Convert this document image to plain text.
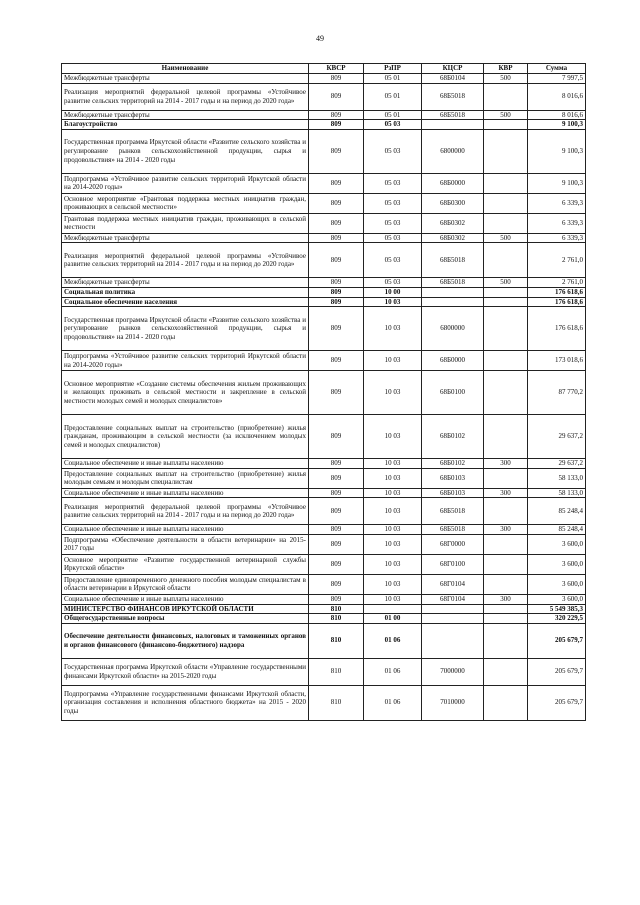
49
Наименование	КВСР	РзПР	КЦСР	КВР	Сумма
Межбюджетные трансферты	809	05 01	68Б0104	500	7 997,5
Реализация мероприятий федеральной целевой программы «Устойчивое развитие сельских территорий на 2014 - 2017 годы и на период до 2020 года»	809	05 01	68Б5018		8 016,6
Межбюджетные трансферты	809	05 01	68Б5018	500	8 016,6
Благоустройство	809	05 03			9 100,3
Государственная программа Иркутской области «Развитие сельского хозяйства и регулирование рынков сельскохозяйственной продукции, сырья и продовольствия» на 2014 - 2020 годы	809	05 03	6800000		9 100,3
Подпрограмма «Устойчивое развитие сельских территорий Иркутской области на 2014-2020 годы»	809	05 03	68Б0000		9 100,3
Основное мероприятие «Грантовая поддержка местных инициатив граждан, проживающих в сельской местности»	809	05 03	68Б0300		6 339,3
Грантовая поддержка местных инициатив граждан, проживающих в сельской местности	809	05 03	68Б0302		6 339,3
Межбюджетные трансферты	809	05 03	68Б0302	500	6 339,3
Реализация мероприятий федеральной целевой программы «Устойчивое развитие сельских территорий на 2014 - 2017 годы и на период до 2020 года»	809	05 03	68Б5018		2 761,0
Межбюджетные трансферты	809	05 03	68Б5018	500	2 761,0
Социальная политика	809	10 00			176 618,6
Социальное обеспечение населения	809	10 03			176 618,6
Государственная программа Иркутской области «Развитие сельского хозяйства и регулирование рынков сельскохозяйственной продукции, сырья и продовольствия» на 2014 - 2020 годы	809	10 03	6800000		176 618,6
Подпрограмма «Устойчивое развитие сельских территорий Иркутской области на 2014-2020 годы»	809	10 03	68Б0000		173 018,6
Основное мероприятие «Создание системы обеспечения жильем проживающих и желающих проживать в сельской местности и закрепление в сельской местности молодых семей и молодых специалистов»	809	10 03	68Б0100		87 770,2
Предоставление социальных выплат на строительство (приобретение) жилья гражданам, проживающим в сельской местности (за исключением молодых семей и молодых специалистов)	809	10 03	68Б0102		29 637,2
Социальное обеспечение и иные выплаты населению	809	10 03	68Б0102	300	29 637,2
Предоставление социальных выплат на строительство (приобретение) жилья молодым семьям и молодым специалистам	809	10 03	68Б0103		58 133,0
Социальное обеспечение и иные выплаты населению	809	10 03	68Б0103	300	58 133,0
Реализация мероприятий федеральной целевой программы «Устойчивое развитие сельских территорий на 2014 - 2017 годы и на период до 2020 года»	809	10 03	68Б5018		85 248,4
Социальное обеспечение и иные выплаты населению	809	10 03	68Б5018	300	85 248,4
Подпрограмма «Обеспечение деятельности в области ветеринарии» на 2015-2017 годы	809	10 03	68Г0000		3 600,0
Основное мероприятие «Развитие государственной ветеринарной службы Иркутской области»	809	10 03	68Г0100		3 600,0
Предоставление единовременного денежного пособия молодым специалистам в области ветеринарии в Иркутской области	809	10 03	68Г0104		3 600,0
Социальное обеспечение и иные выплаты населению	809	10 03	68Г0104	300	3 600,0
МИНИСТЕРСТВО ФИНАНСОВ ИРКУТСКОЙ ОБЛАСТИ	810				5 549 385,3
Общегосударственные вопросы	810	01 00			320 229,5
Обеспечение деятельности финансовых, налоговых и таможенных органов и органов финансового (финансово-бюджетного) надзора	810	01 06			205 679,7
Государственная программа Иркутской области «Управление государственными финансами Иркутской области» на 2015-2020 годы	810	01 06	7000000		205 679,7
Подпрограмма «Управление государственными финансами Иркутской области, организация составления и исполнения областного бюджета» на 2015 - 2020 годы	810	01 06	7010000		205 679,7
